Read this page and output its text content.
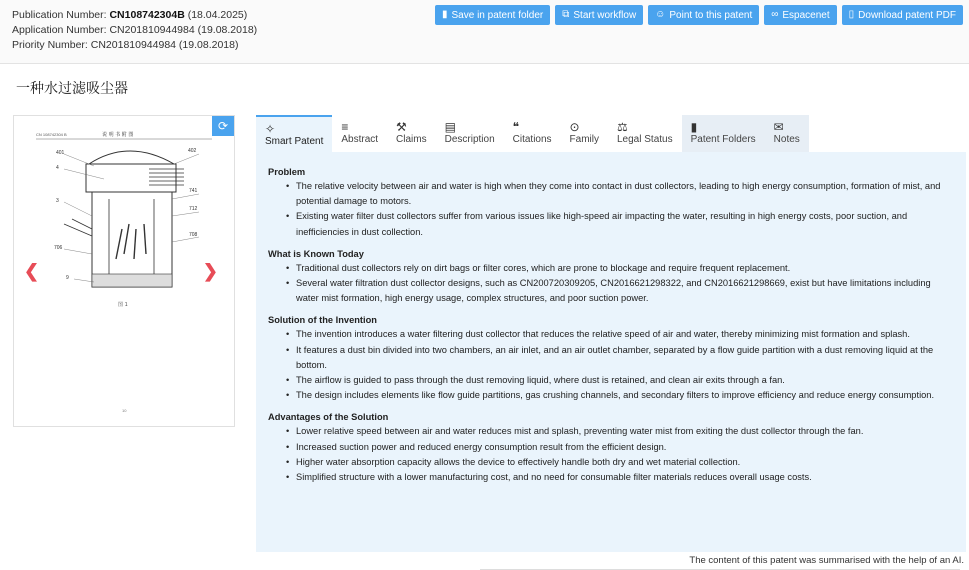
Publication Number: CN108742304B (18.04.2025)
Application Number: CN201810944984 (19.08.2018)
Priority Number: CN201810944984 (19.08.2018)
▮ Save in patent folder ⧉ Start workflow ☺ Point to this patent ∞ Espacenet ▯ Download patent PDF
一种水过滤吸尘器
CN 108742304 B	说 明 书 附 图
401
4
402
741
712
3
708
706
9
图 1
10
⟳
❮	❯
✧
Smart Patent
≡
Abstract
⚒
Claims
▤
Description
❝
Citations
⊙
Family
⚖
Legal Status
▮
Patent Folders
✉
Notes
Problem
• The relative velocity between air and water is high when they come into contact in dust collectors, leading to high energy consumption, formation of mist, and potential damage to motors.
• Existing water filter dust collectors suffer from various issues like high-speed air impacting the water, resulting in high energy costs, poor suction, and inefficiencies in dust collection.
What is Known Today
• Traditional dust collectors rely on dirt bags or filter cores, which are prone to blockage and require frequent replacement.
• Several water filtration dust collector designs, such as CN200720309205, CN2016621298322, and CN2016621298669, exist but have limitations including water mist formation, high energy usage, complex structures, and poor suction power.
Solution of the Invention
• The invention introduces a water filtering dust collector that reduces the relative speed of air and water, thereby minimizing mist formation and splash.
• It features a dust bin divided into two chambers, an air inlet, and an air outlet chamber, separated by a flow guide partition with a dust removing liquid at the bottom.
• The airflow is guided to pass through the dust removing liquid, where dust is retained, and clean air exits through a fan.
• The design includes elements like flow guide partitions, gas crushing channels, and secondary filters to improve efficiency and reduce energy consumption.
Advantages of the Solution
• Lower relative speed between air and water reduces mist and splash, preventing water mist from exiting the dust collector through the fan.
• Increased suction power and reduced energy consumption result from the efficient design.
• Higher water absorption capacity allows the device to effectively handle both dry and wet material collection.
• Simplified structure with a lower manufacturing cost, and no need for consumable filter materials reduces overall usage costs.
The content of this patent was summarised with the help of an AI.
